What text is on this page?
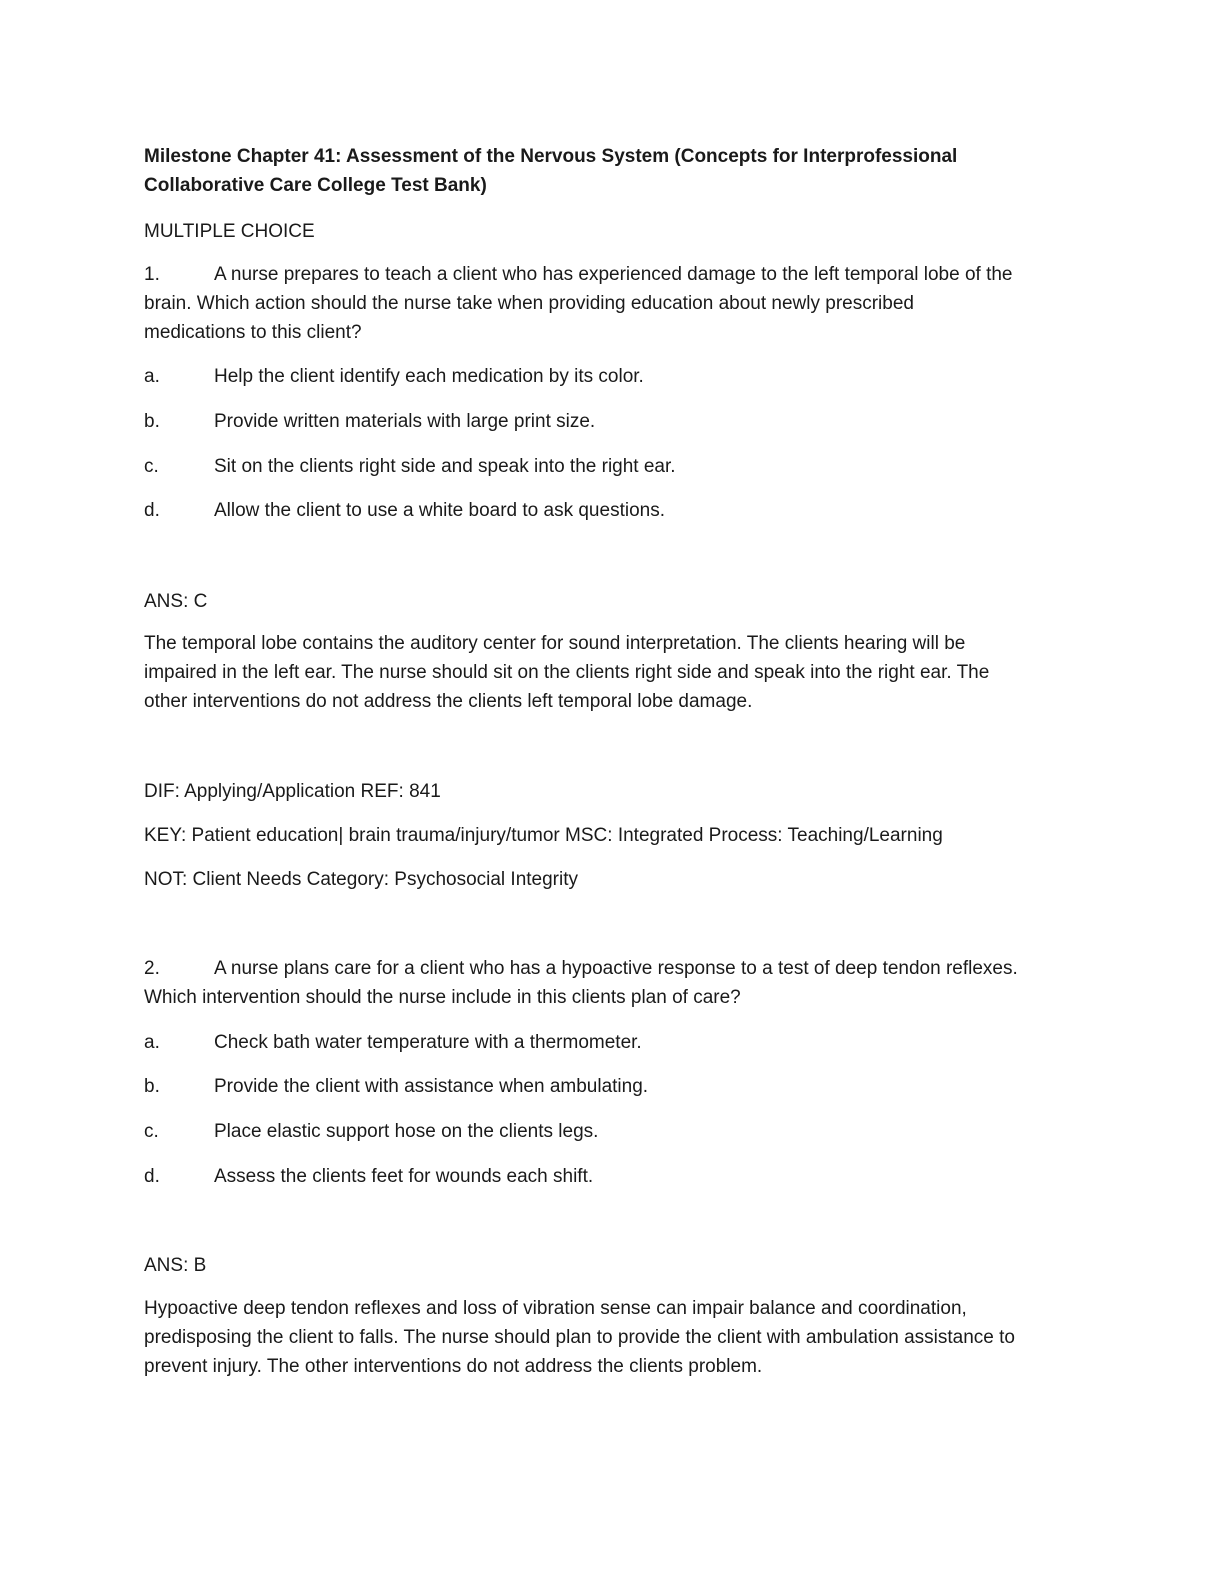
Milestone Chapter 41: Assessment of the Nervous System (Concepts for Interprofessional
Collaborative Care College Test Bank)
MULTIPLE CHOICE
1.	A nurse prepares to teach a client who has experienced damage to the left temporal lobe of the
brain. Which action should the nurse take when providing education about newly prescribed
medications to this client?
a.	Help the client identify each medication by its color.
b.	Provide written materials with large print size.
c.	Sit on the clients right side and speak into the right ear.
d.	Allow the client to use a white board to ask questions.
ANS: C
The temporal lobe contains the auditory center for sound interpretation. The clients hearing will be
impaired in the left ear. The nurse should sit on the clients right side and speak into the right ear. The
other interventions do not address the clients left temporal lobe damage.
DIF: Applying/Application REF: 841
KEY: Patient education| brain trauma/injury/tumor MSC: Integrated Process: Teaching/Learning
NOT: Client Needs Category: Psychosocial Integrity
2.	A nurse plans care for a client who has a hypoactive response to a test of deep tendon reflexes.
Which intervention should the nurse include in this clients plan of care?
a.	Check bath water temperature with a thermometer.
b.	Provide the client with assistance when ambulating.
c.	Place elastic support hose on the clients legs.
d.	Assess the clients feet for wounds each shift.
ANS: B
Hypoactive deep tendon reflexes and loss of vibration sense can impair balance and coordination,
predisposing the client to falls. The nurse should plan to provide the client with ambulation assistance to
prevent injury. The other interventions do not address the clients problem.
